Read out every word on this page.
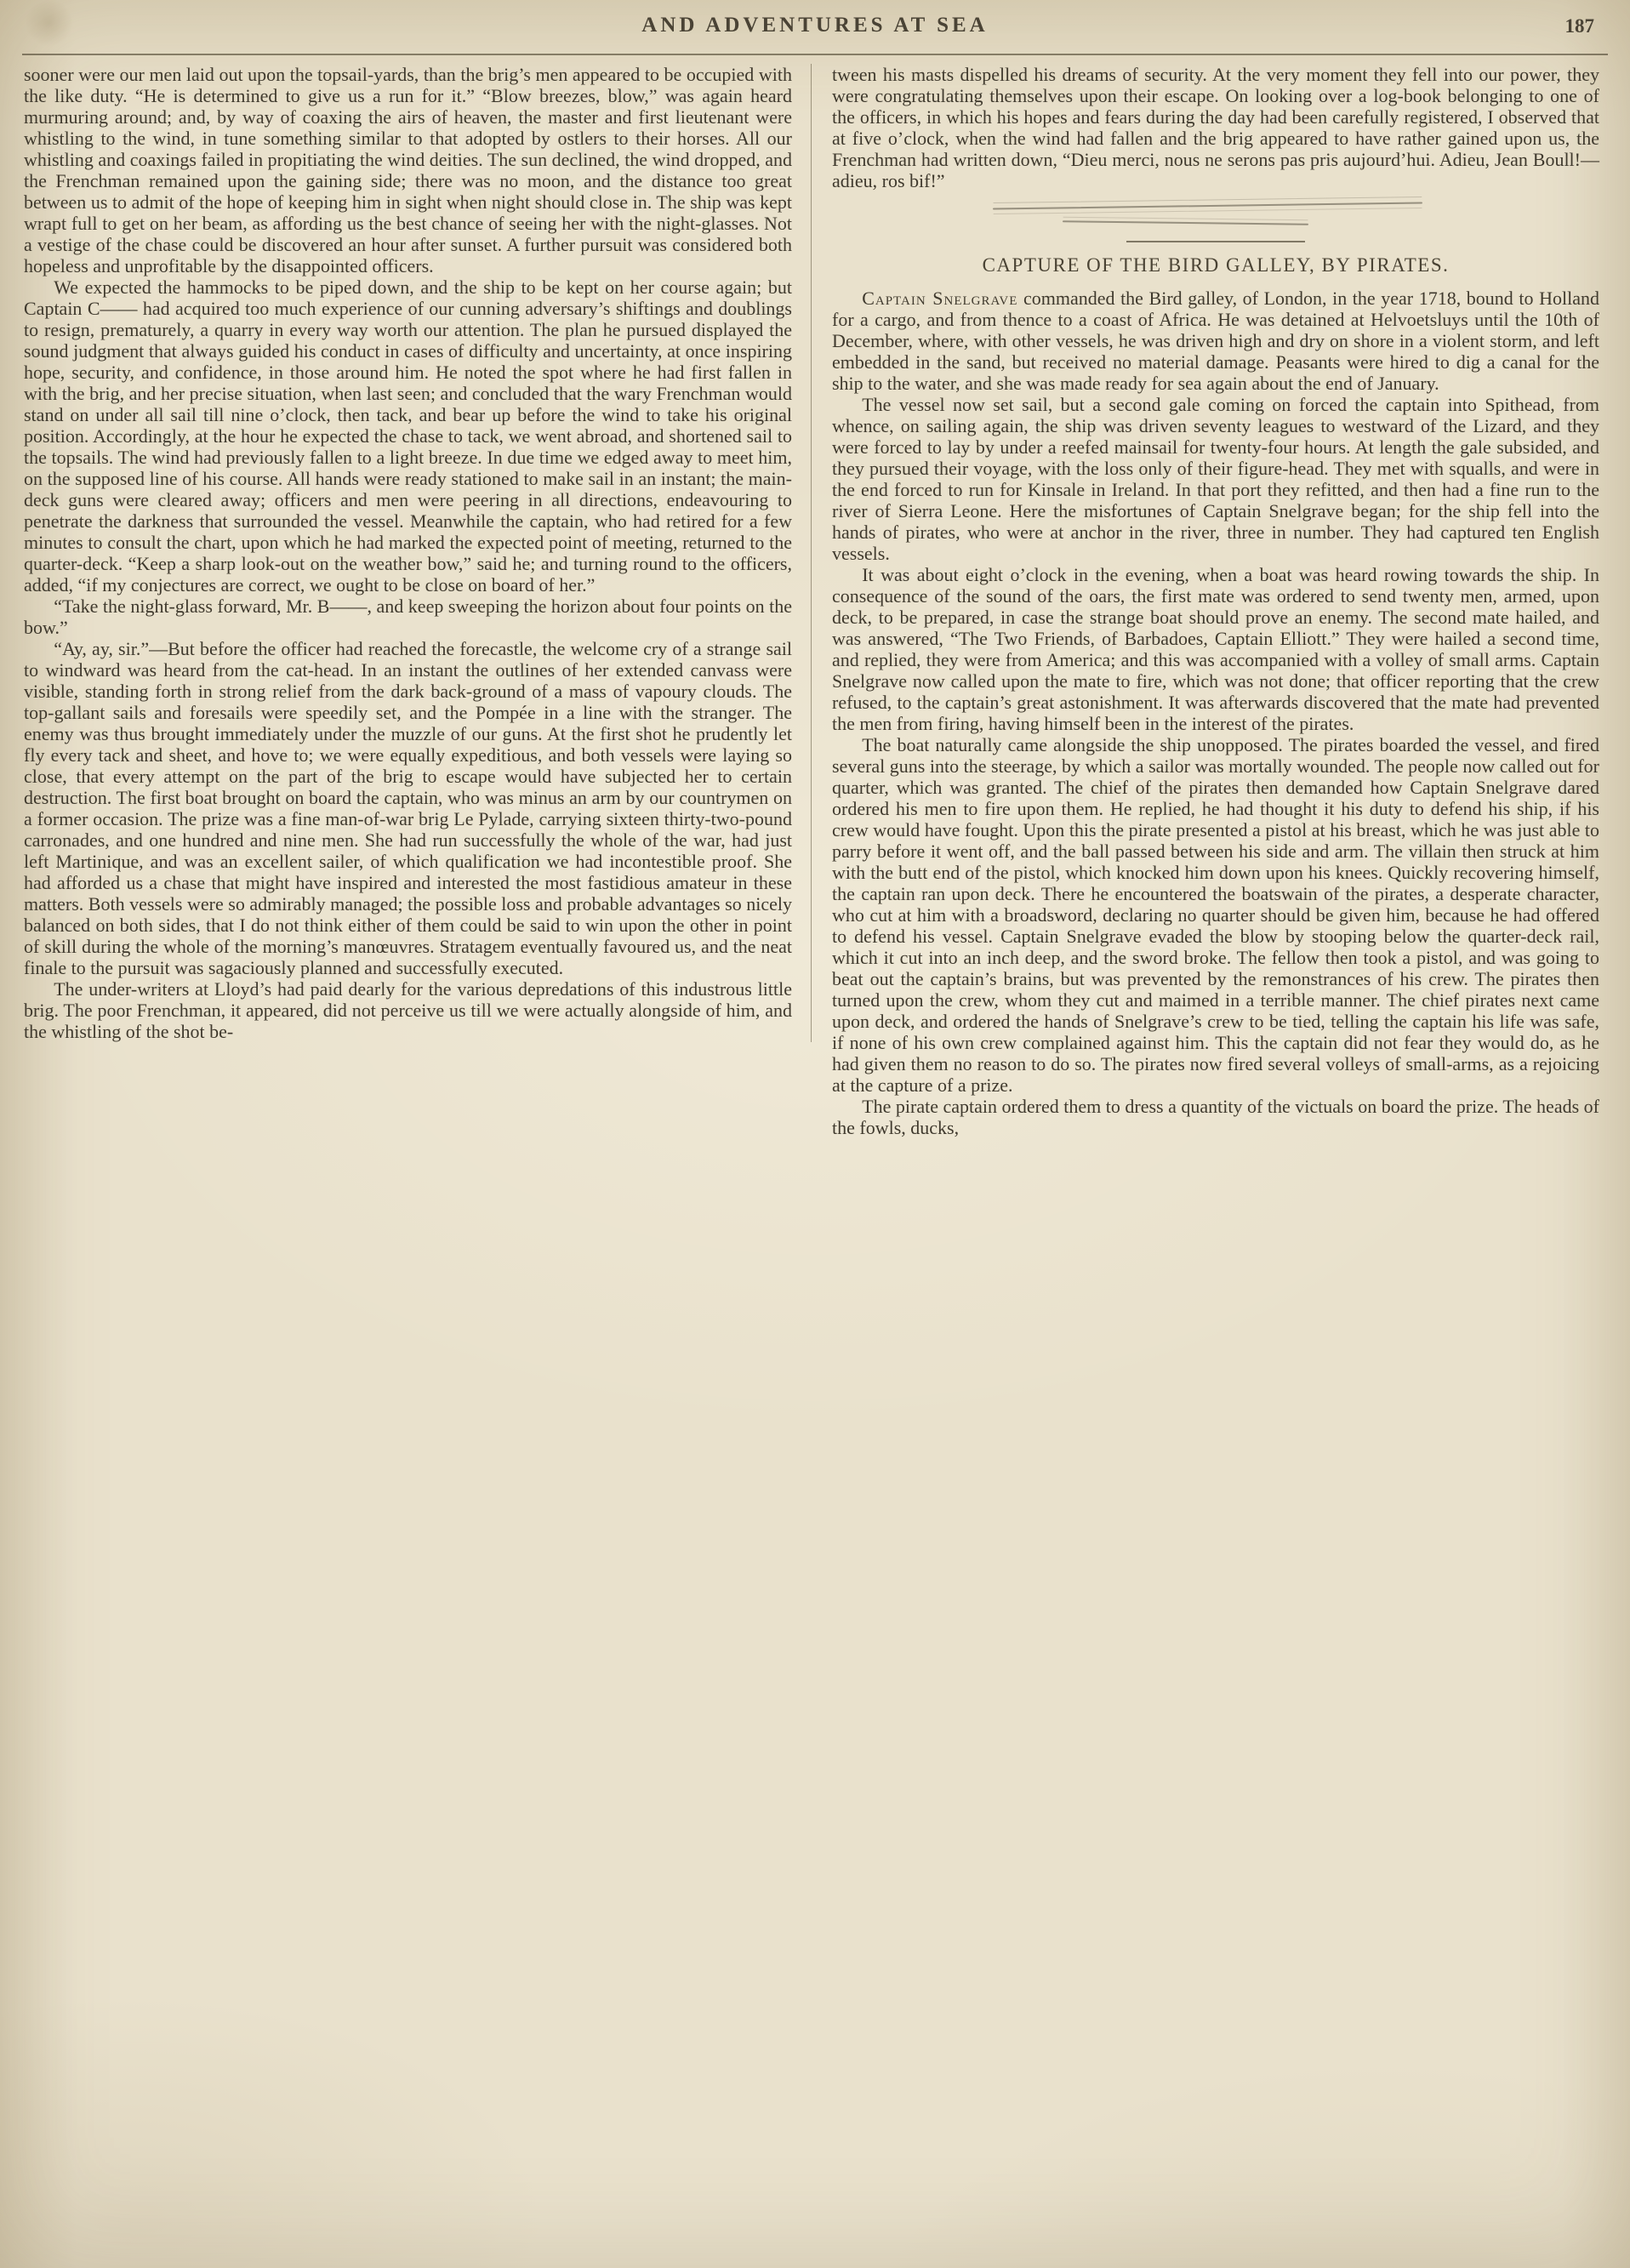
AND ADVENTURES AT SEA	187

sooner were our men laid out upon the topsail-yards, than the brig’s men appeared to be occupied with the like duty. “He is determined to give us a run for it.” “Blow breezes, blow,” was again heard murmuring around; and, by way of coaxing the airs of heaven, the master and first lieutenant were whistling to the wind, in tune something similar to that adopted by ostlers to their horses. All our whistling and coaxings failed in propitiating the wind deities. The sun declined, the wind dropped, and the Frenchman remained upon the gaining side; there was no moon, and the distance too great between us to admit of the hope of keeping him in sight when night should close in. The ship was kept wrapt full to get on her beam, as affording us the best chance of seeing her with the night-glasses. Not a vestige of the chase could be discovered an hour after sunset. A further pursuit was considered both hopeless and unprofitable by the disappointed officers.

We expected the hammocks to be piped down, and the ship to be kept on her course again; but Captain C—— had acquired too much experience of our cunning adversary’s shiftings and doublings to resign, prematurely, a quarry in every way worth our attention. The plan he pursued displayed the sound judgment that always guided his conduct in cases of difficulty and uncertainty, at once inspiring hope, security, and confidence, in those around him. He noted the spot where he had first fallen in with the brig, and her precise situation, when last seen; and concluded that the wary Frenchman would stand on under all sail till nine o’clock, then tack, and bear up before the wind to take his original position. Accordingly, at the hour he expected the chase to tack, we went abroad, and shortened sail to the topsails. The wind had previously fallen to a light breeze. In due time we edged away to meet him, on the supposed line of his course. All hands were ready stationed to make sail in an instant; the main-deck guns were cleared away; officers and men were peering in all directions, endeavouring to penetrate the darkness that surrounded the vessel. Meanwhile the captain, who had retired for a few minutes to consult the chart, upon which he had marked the expected point of meeting, returned to the quarter-deck. “Keep a sharp look-out on the weather bow,” said he; and turning round to the officers, added, “if my conjectures are correct, we ought to be close on board of her.”

“Take the night-glass forward, Mr. B——, and keep sweeping the horizon about four points on the bow.”

“Ay, ay, sir.”—But before the officer had reached the forecastle, the welcome cry of a strange sail to windward was heard from the cat-head. In an instant the outlines of her extended canvass were visible, standing forth in strong relief from the dark back-ground of a mass of vapoury clouds. The top-gallant sails and foresails were speedily set, and the Pompée in a line with the stranger. The enemy was thus brought immediately under the muzzle of our guns. At the first shot he prudently let fly every tack and sheet, and hove to; we were equally expeditious, and both vessels were laying so close, that every attempt on the part of the brig to escape would have subjected her to certain destruction. The first boat brought on board the captain, who was minus an arm by our countrymen on a former occasion. The prize was a fine man-of-war brig Le Pylade, carrying sixteen thirty-two-pound carronades, and one hundred and nine men. She had run successfully the whole of the war, had just left Martinique, and was an excellent sailer, of which qualification we had incontestible proof. She had afforded us a chase that might have inspired and interested the most fastidious amateur in these matters. Both vessels were so admirably managed; the possible loss and probable advantages so nicely balanced on both sides, that I do not think either of them could be said to win upon the other in point of skill during the whole of the morning’s manœuvres. Stratagem eventually favoured us, and the neat finale to the pursuit was sagaciously planned and successfully executed.

The under-writers at Lloyd’s had paid dearly for the various depredations of this industrous little brig. The poor Frenchman, it appeared, did not perceive us till we were actually alongside of him, and the whistling of the shot be-

tween his masts dispelled his dreams of security. At the very moment they fell into our power, they were congratulating themselves upon their escape. On looking over a log-book belonging to one of the officers, in which his hopes and fears during the day had been carefully registered, I observed that at five o’clock, when the wind had fallen and the brig appeared to have rather gained upon us, the Frenchman had written down, “Dieu merci, nous ne serons pas pris aujourd’hui. Adieu, Jean Boull!—adieu, ros bif!”

CAPTURE OF THE BIRD GALLEY, BY PIRATES.

Captain Snelgrave commanded the Bird galley, of London, in the year 1718, bound to Holland for a cargo, and from thence to a coast of Africa. He was detained at Helvoetsluys until the 10th of December, where, with other vessels, he was driven high and dry on shore in a violent storm, and left embedded in the sand, but received no material damage. Peasants were hired to dig a canal for the ship to the water, and she was made ready for sea again about the end of January.

The vessel now set sail, but a second gale coming on forced the captain into Spithead, from whence, on sailing again, the ship was driven seventy leagues to westward of the Lizard, and they were forced to lay by under a reefed mainsail for twenty-four hours. At length the gale subsided, and they pursued their voyage, with the loss only of their figure-head. They met with squalls, and were in the end forced to run for Kinsale in Ireland. In that port they refitted, and then had a fine run to the river of Sierra Leone. Here the misfortunes of Captain Snelgrave began; for the ship fell into the hands of pirates, who were at anchor in the river, three in number. They had captured ten English vessels.

It was about eight o’clock in the evening, when a boat was heard rowing towards the ship. In consequence of the sound of the oars, the first mate was ordered to send twenty men, armed, upon deck, to be prepared, in case the strange boat should prove an enemy. The second mate hailed, and was answered, “The Two Friends, of Barbadoes, Captain Elliott.” They were hailed a second time, and replied, they were from America; and this was accompanied with a volley of small arms. Captain Snelgrave now called upon the mate to fire, which was not done; that officer reporting that the crew refused, to the captain’s great astonishment. It was afterwards discovered that the mate had prevented the men from firing, having himself been in the interest of the pirates.

The boat naturally came alongside the ship unopposed. The pirates boarded the vessel, and fired several guns into the steerage, by which a sailor was mortally wounded. The people now called out for quarter, which was granted. The chief of the pirates then demanded how Captain Snelgrave dared ordered his men to fire upon them. He replied, he had thought it his duty to defend his ship, if his crew would have fought. Upon this the pirate presented a pistol at his breast, which he was just able to parry before it went off, and the ball passed between his side and arm. The villain then struck at him with the butt end of the pistol, which knocked him down upon his knees. Quickly recovering himself, the captain ran upon deck. There he encountered the boatswain of the pirates, a desperate character, who cut at him with a broadsword, declaring no quarter should be given him, because he had offered to defend his vessel. Captain Snelgrave evaded the blow by stooping below the quarter-deck rail, which it cut into an inch deep, and the sword broke. The fellow then took a pistol, and was going to beat out the captain’s brains, but was prevented by the remonstrances of his crew. The pirates then turned upon the crew, whom they cut and maimed in a terrible manner. The chief pirates next came upon deck, and ordered the hands of Snelgrave’s crew to be tied, telling the captain his life was safe, if none of his own crew complained against him. This the captain did not fear they would do, as he had given them no reason to do so. The pirates now fired several volleys of small-arms, as a rejoicing at the capture of a prize.

The pirate captain ordered them to dress a quantity of the victuals on board the prize. The heads of the fowls, ducks,
